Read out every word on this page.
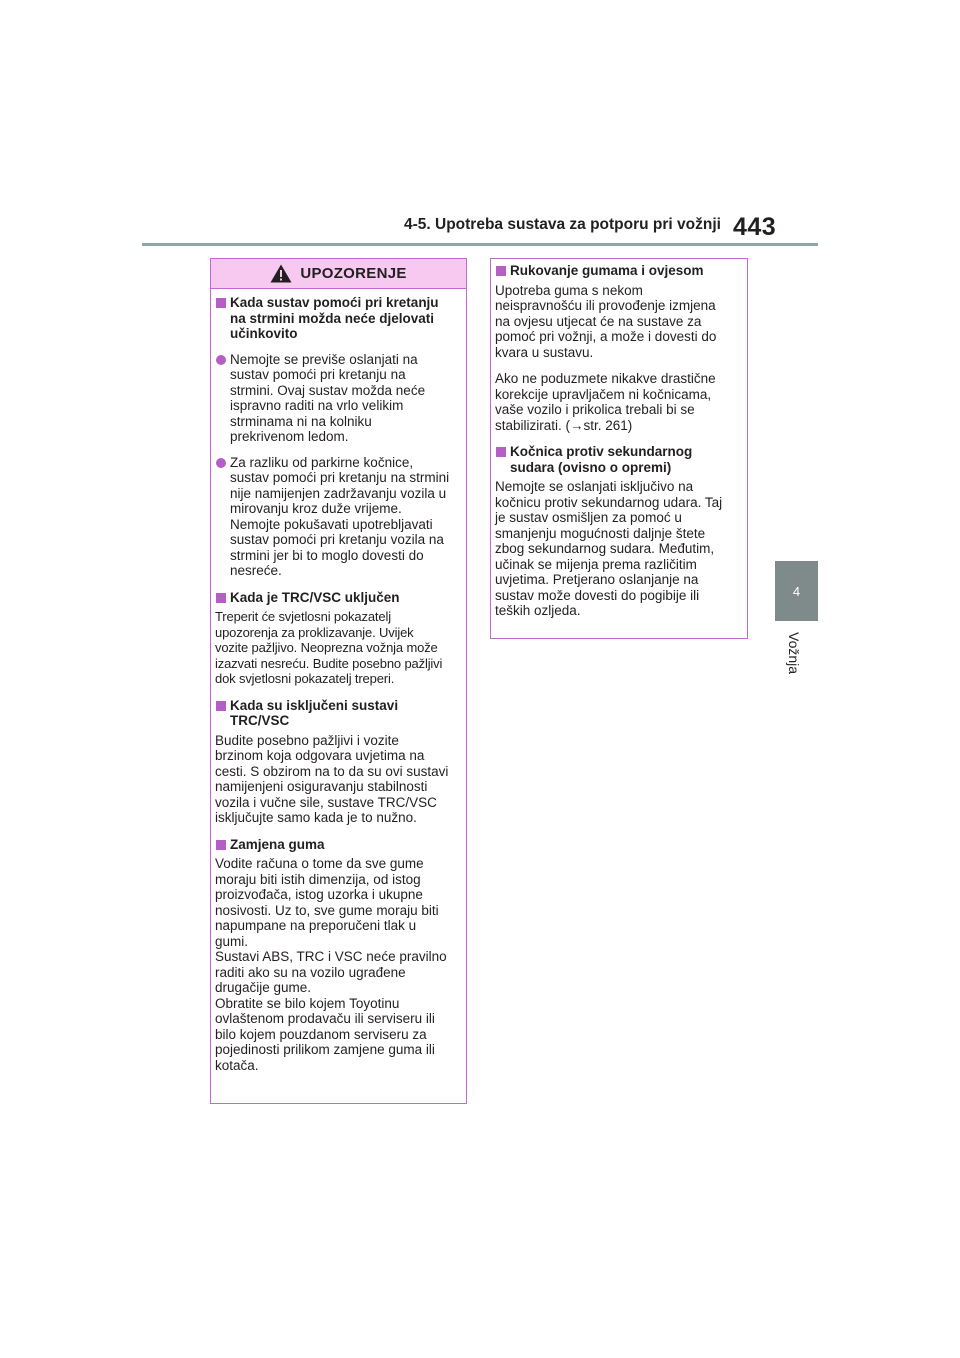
4-5. Upotreba sustava za potporu pri vožnji 443
4
Vožnja
UPOZORENJE
Kada sustav pomoći pri kretanju
na strmini možda neće djelovati
učinkovito
Nemojte se previše oslanjati na
sustav pomoći pri kretanju na
strmini. Ovaj sustav možda neće
ispravno raditi na vrlo velikim
strminama ni na kolniku
prekrivenom ledom.
Za razliku od parkirne kočnice,
sustav pomoći pri kretanju na strmini
nije namijenjen zadržavanju vozila u
mirovanju kroz duže vrijeme.
Nemojte pokušavati upotrebljavati
sustav pomoći pri kretanju vozila na
strmini jer bi to moglo dovesti do
nesreće.
Kada je TRC/VSC uključen
Treperit će svjetlosni pokazatelj
upozorenja za proklizavanje. Uvijek
vozite pažljivo. Neoprezna vožnja može
izazvati nesreću. Budite posebno pažljivi
dok svjetlosni pokazatelj treperi.
Kada su isključeni sustavi
TRC/VSC
Budite posebno pažljivi i vozite
brzinom koja odgovara uvjetima na
cesti. S obzirom na to da su ovi sustavi
namijenjeni osiguravanju stabilnosti
vozila i vučne sile, sustave TRC/VSC
isključujte samo kada je to nužno.
Zamjena guma
Vodite računa o tome da sve gume
moraju biti istih dimenzija, od istog
proizvođača, istog uzorka i ukupne
nosivosti. Uz to, sve gume moraju biti
napumpane na preporučeni tlak u
gumi.
Sustavi ABS, TRC i VSC neće pravilno
raditi ako su na vozilo ugrađene
drugačije gume.
Obratite se bilo kojem Toyotinu
ovlaštenom prodavaču ili serviseru ili
bilo kojem pouzdanom serviseru za
pojedinosti prilikom zamjene guma ili
kotača.
Rukovanje gumama i ovjesom
Upotreba guma s nekom
neispravnošću ili provođenje izmjena
na ovjesu utjecat će na sustave za
pomoć pri vožnji, a može i dovesti do
kvara u sustavu.
Ako ne poduzmete nikakve drastične
korekcije upravljačem ni kočnicama,
vaše vozilo i prikolica trebali bi se
stabilizirati. (→str. 261)
Kočnica protiv sekundarnog
sudara (ovisno o opremi)
Nemojte se oslanjati isključivo na
kočnicu protiv sekundarnog udara. Taj
je sustav osmišljen za pomoć u
smanjenju mogućnosti daljnje štete
zbog sekundarnog sudara. Međutim,
učinak se mijenja prema različitim
uvjetima. Pretjerano oslanjanje na
sustav može dovesti do pogibije ili
teških ozljeda.
